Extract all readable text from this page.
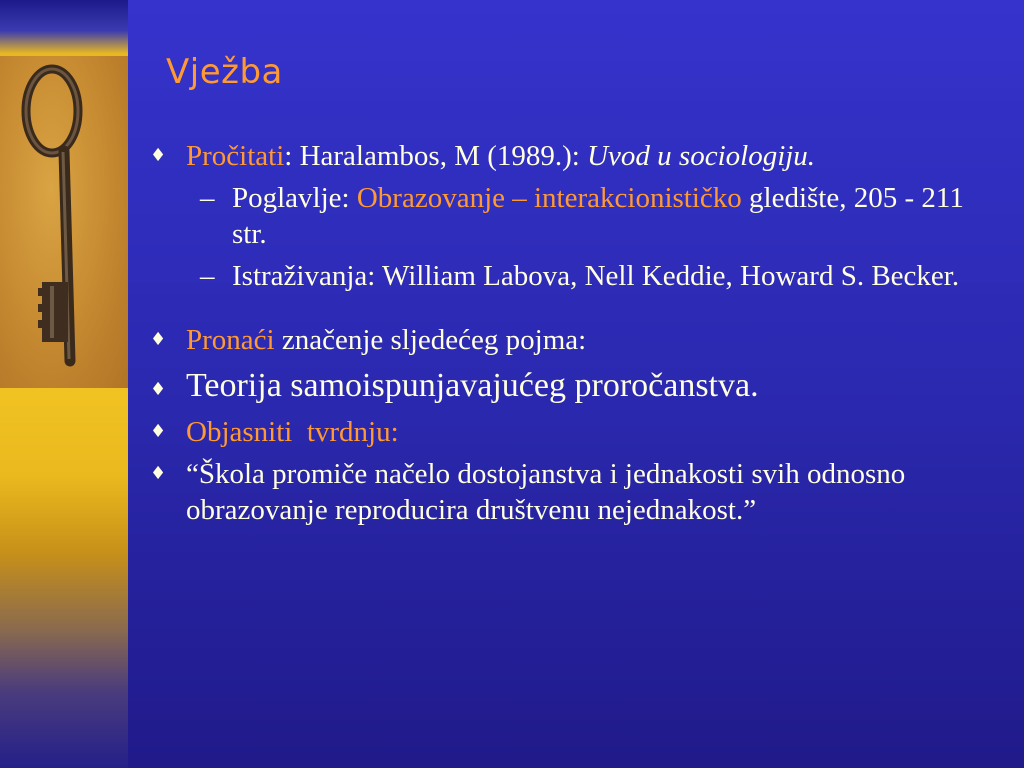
Vježba
♦ Pročitati: Haralambos, M (1989.): Uvod u sociologiju.
– Poglavlje: Obrazovanje – interakcionističko gledište, 205 - 211 str.
– Istraživanja: William Labova, Nell Keddie, Howard S. Becker.
♦ Pronaći značenje sljedećeg pojma:
♦ Teorija samoispunjavajućeg proročanstva.
♦ Objasniti  tvrdnju:
♦ “Škola promiče načelo dostojanstva i jednakosti svih odnosno obrazovanje reproducira društvenu nejednakost.”
